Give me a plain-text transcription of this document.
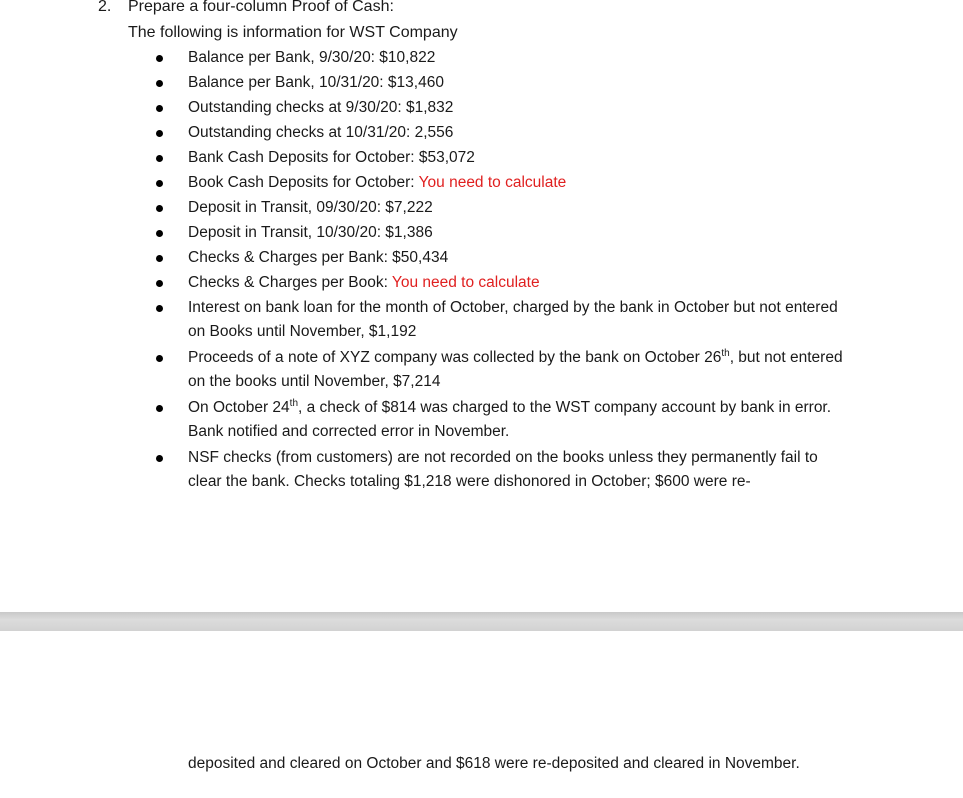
2. Prepare a four-column Proof of Cash:
The following is information for WST Company
Balance per Bank, 9/30/20: $10,822
Balance per Bank, 10/31/20: $13,460
Outstanding checks at 9/30/20: $1,832
Outstanding checks at 10/31/20: 2,556
Bank Cash Deposits for October: $53,072
Book Cash Deposits for October: You need to calculate
Deposit in Transit, 09/30/20: $7,222
Deposit in Transit, 10/30/20: $1,386
Checks & Charges per Bank: $50,434
Checks & Charges per Book: You need to calculate
Interest on bank loan for the month of October, charged by the bank in October but not entered on Books until November, $1,192
Proceeds of a note of XYZ company was collected by the bank on October 26th, but not entered on the books until November, $7,214
On October 24th, a check of $814 was charged to the WST company account by bank in error. Bank notified and corrected error in November.
NSF checks (from customers) are not recorded on the books unless they permanently fail to clear the bank. Checks totaling $1,218 were dishonored in October; $600 were re-
deposited and cleared on October and $618 were re-deposited and cleared in November.
